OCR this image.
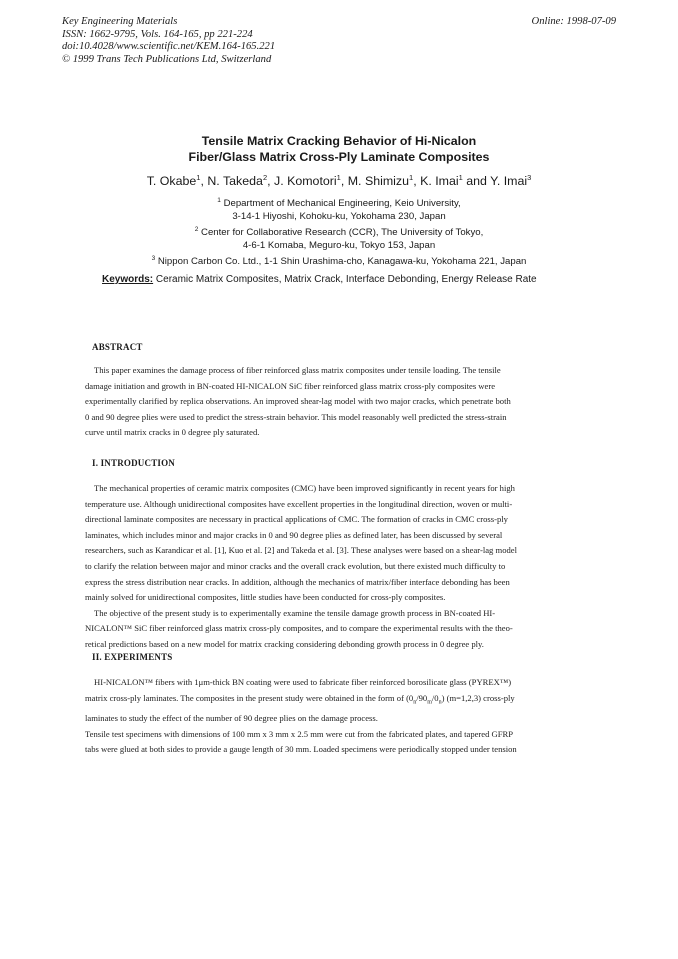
Key Engineering Materials
ISSN: 1662-9795, Vols. 164-165, pp 221-224
doi:10.4028/www.scientific.net/KEM.164-165.221
© 1999 Trans Tech Publications Ltd, Switzerland
Online: 1998-07-09
Tensile Matrix Cracking Behavior of Hi-Nicalon
Fiber/Glass Matrix Cross-Ply Laminate Composites
T. Okabe$^1$, N. Takeda$^2$, J. Komotori$^1$, M. Shimizu$^1$, K. Imai$^1$ and Y. Imai$^3$
$^1$ Department of Mechanical Engineering, Keio University,
3-14-1 Hiyoshi, Kohoku-ku, Yokohama 230, Japan
$^2$ Center for Collaborative Research (CCR), The University of Tokyo,
4-6-1 Komaba, Meguro-ku, Tokyo 153, Japan
$^3$ Nippon Carbon Co. Ltd., 1-1 Shin Urashima-cho, Kanagawa-ku, Yokohama 221, Japan
Keywords: Ceramic Matrix Composites, Matrix Crack, Interface Debonding, Energy Release Rate
ABSTRACT
This paper examines the damage process of fiber reinforced glass matrix composites under tensile loading. The tensile
damage initiation and growth in BN-coated HI-NICALON SiC fiber reinforced glass matrix cross-ply composites were
experimentally clarified by replica observations. An improved shear-lag model with two major cracks, which penetrate both
0 and 90 degree plies were used to predict the stress-strain behavior. This model reasonably well predicted the stress-strain
curve until matrix cracks in 0 degree ply saturated.
I. INTRODUCTION
The mechanical properties of ceramic matrix composites (CMC) have been improved significantly in recent years for high
temperature use. Although unidirectional composites have excellent properties in the longitudinal direction, woven or multi-
directional laminate composites are necessary in practical applications of CMC. The formation of cracks in CMC cross-ply
laminates, which includes minor and major cracks in 0 and 90 degree plies as defined later, has been discussed by several
researchers, such as Karandicar et al. [1], Kuo et al. [2] and Takeda et al. [3]. These analyses were based on a shear-lag model
to clarify the relation between major and minor cracks and the overall crack evolution, but there existed much difficulty to
express the stress distribution near cracks. In addition, although the mechanics of matrix/fiber interface debonding has been
mainly solved for unidirectional composites, little studies have been conducted for cross-ply composites.
The objective of the present study is to experimentally examine the tensile damage growth process in BN-coated HI-
NICALON™ SiC fiber reinforced glass matrix cross-ply composites, and to compare the experimental results with the theo-
retical predictions based on a new model for matrix cracking considering debonding growth process in 0 degree ply.
II. EXPERIMENTS
HI-NICALON™ fibers with 1μm-thick BN coating were used to fabricate fiber reinforced borosilicate glass (PYREX™)
matrix cross-ply laminates. The composites in the present study were obtained in the form of $(0_n/90_m/0_n)$ (m=1,2,3) cross-ply
laminates to study the effect of the number of 90 degree plies on the damage process.
Tensile test specimens with dimensions of 100 mm x 3 mm x 2.5 mm were cut from the fabricated plates, and tapered GFRP
tabs were glued at both sides to provide a gauge length of 30 mm. Loaded specimens were periodically stopped under tension
